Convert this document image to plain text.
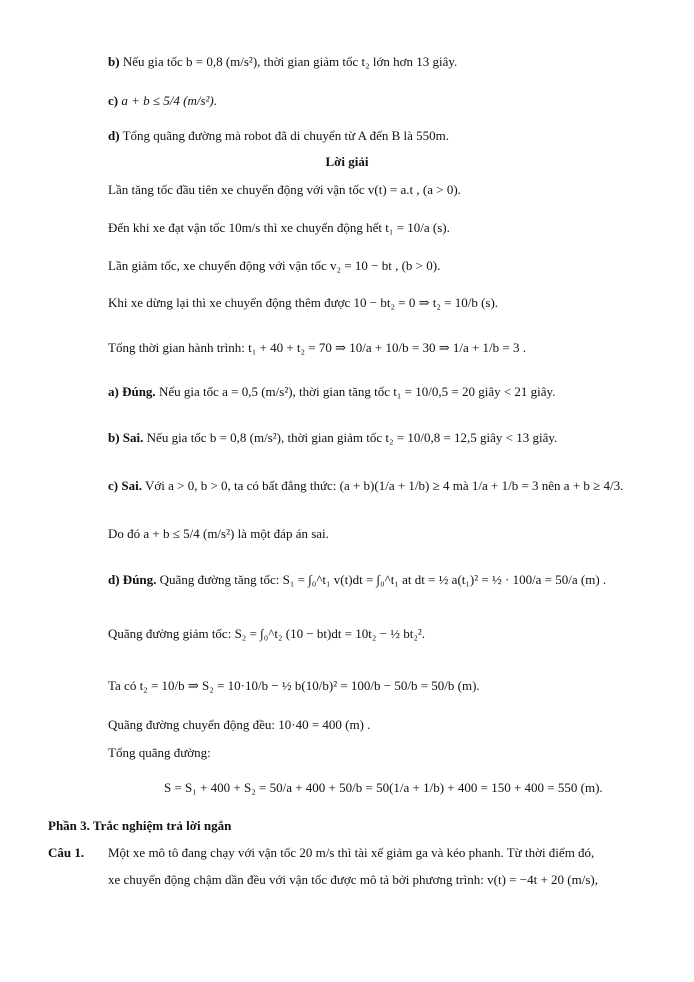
b) Nếu gia tốc b = 0,8 (m/s²), thời gian giảm tốc t₂ lớn hơn 13 giây.
c) a + b ≤ 5/4 (m/s²).
d) Tổng quãng đường mà robot đã di chuyển từ A đến B là 550m.
Lời giải
Lần tăng tốc đầu tiên xe chuyển động với vận tốc v(t) = a.t , (a > 0).
Đến khi xe đạt vận tốc 10m/s thì xe chuyển động hết t₁ = 10/a (s).
Lần giảm tốc, xe chuyển động với vận tốc v₂ = 10 − bt , (b > 0).
Khi xe dừng lại thì xe chuyển động thêm được 10 − bt₂ = 0 ⇒ t₂ = 10/b (s).
Tổng thời gian hành trình: t₁ + 40 + t₂ = 70 ⇒ 10/a + 10/b = 30 ⇒ 1/a + 1/b = 3 .
a) Đúng. Nếu gia tốc a = 0,5 (m/s²), thời gian tăng tốc t₁ = 10/0,5 = 20 giây < 21 giây.
b) Sai. Nếu gia tốc b = 0,8 (m/s²), thời gian giảm tốc t₂ = 10/0,8 = 12,5 giây < 13 giây.
c) Sai. Với a > 0, b > 0, ta có bất đẳng thức: (a + b)(1/a + 1/b) ≥ 4 mà 1/a + 1/b = 3 nên a + b ≥ 4/3.
Do đó a + b ≤ 5/4 (m/s²) là một đáp án sai.
d) Đúng. Quãng đường tăng tốc: S₁ = ∫₀^t₁ v(t)dt = ∫₀^t₁ at dt = ½ a(t₁)² = ½ · 100/a = 50/a (m) .
Quãng đường giảm tốc: S₂ = ∫₀^t₂ (10 − bt)dt = 10t₂ − ½ bt₂².
Ta có t₂ = 10/b ⇒ S₂ = 10·10/b − ½ b(10/b)² = 100/b − 50/b = 50/b (m).
Quãng đường chuyển động đều: 10·40 = 400 (m) .
Tổng quãng đường:
S = S₁ + 400 + S₂ = 50/a + 400 + 50/b = 50(1/a + 1/b) + 400 = 150 + 400 = 550 (m).
Phần 3. Trắc nghiệm trả lời ngắn
Câu 1. Một xe mô tô đang chạy với vận tốc 20 m/s thì tài xế giảm ga và kéo phanh. Từ thời điểm đó,
xe chuyển động chậm dần đều với vận tốc được mô tả bởi phương trình: v(t) = −4t + 20 (m/s),
